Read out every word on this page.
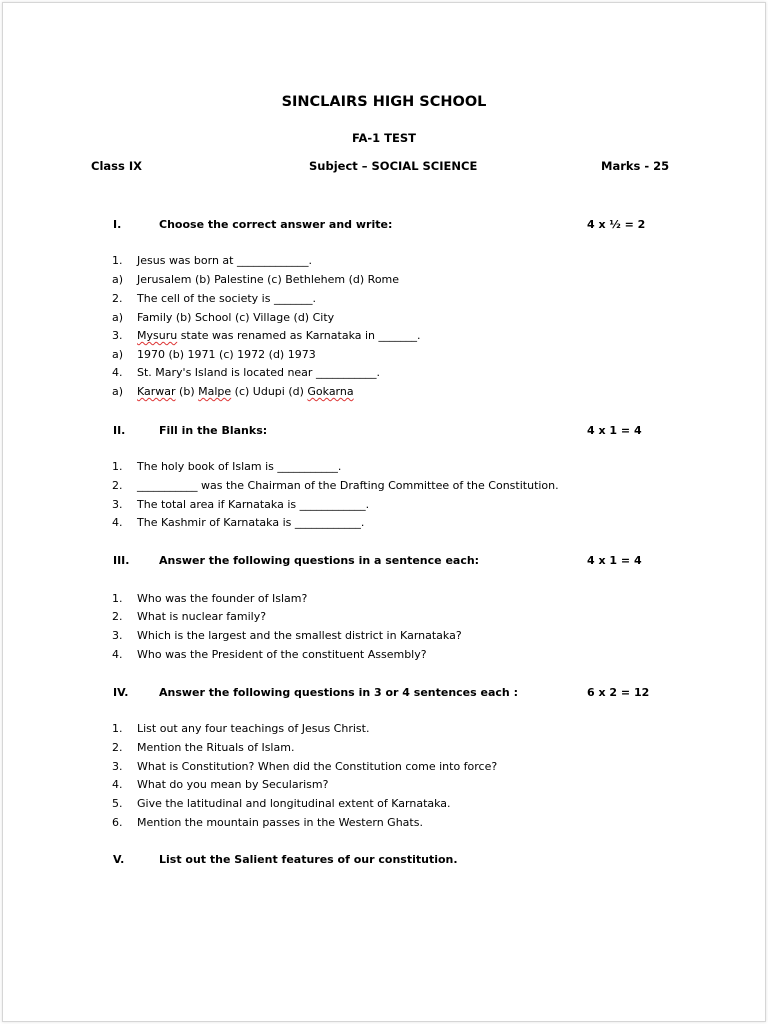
SINCLAIRS HIGH SCHOOL
FA-1 TEST
Class IX	Subject – SOCIAL SCIENCE	Marks - 25
I.	Choose the correct answer and write:	4 x ½ = 2
1.	Jesus was born at _____________.
a)	Jerusalem (b) Palestine (c) Bethlehem (d) Rome
2.	The cell of the society is _______.
a)	Family (b) School (c) Village (d) City
3.	Mysuru state was renamed as Karnataka in _______.
a)	1970 (b) 1971 (c) 1972 (d) 1973
4.	St. Mary's Island is located near ___________.
a)	Karwar (b) Malpe (c) Udupi (d) Gokarna
II.	Fill in the Blanks:	4 x 1 = 4
1.	The holy book of Islam is ___________.
2.	___________ was the Chairman of the Drafting Committee of the Constitution.
3.	The total area if Karnataka is ____________.
4.	The Kashmir of Karnataka is ____________.
III.	Answer the following questions in a sentence each:	4 x 1 = 4
1.	Who was the founder of Islam?
2.	What is nuclear family?
3.	Which is the largest and the smallest district in Karnataka?
4.	Who was the President of the constituent Assembly?
IV.	Answer the following questions in 3 or 4 sentences each :	6 x 2 = 12
1.	List out any four teachings of Jesus Christ.
2.	Mention the Rituals of Islam.
3.	What is Constitution? When did the Constitution come into force?
4.	What do you mean by Secularism?
5.	Give the latitudinal and longitudinal extent of Karnataka.
6.	Mention the mountain passes in the Western Ghats.
V.	List out the Salient features of our constitution.
